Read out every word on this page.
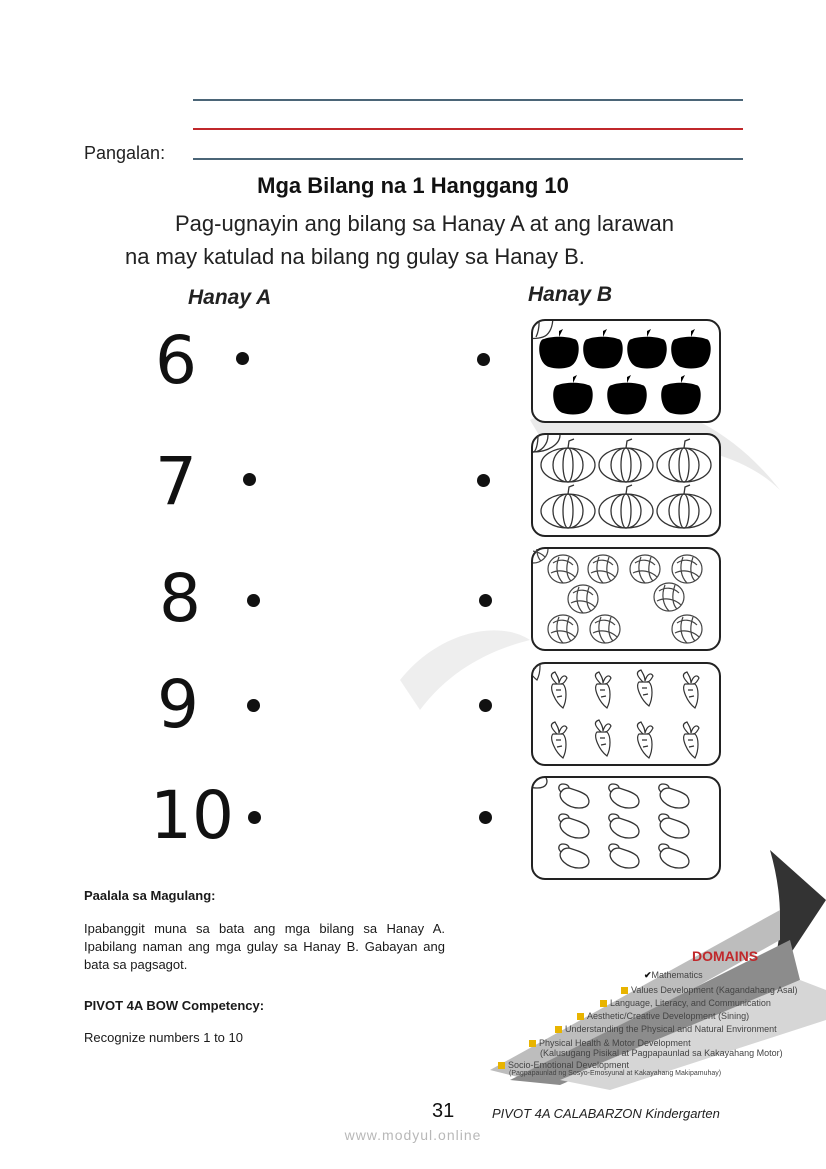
Pangalan:
Mga Bilang na 1 Hanggang 10
Pag-ugnayin ang bilang sa Hanay A at ang larawan
na may katulad na bilang ng gulay sa Hanay B.
Hanay A	Hanay B
6
7
8
9
10
Paalala sa Magulang:
Ipabanggit muna sa bata ang mga bilang sa Hanay A. Ipabilang naman ang mga gulay sa Hanay B. Gabayan ang bata sa pagsagot.
PIVOT 4A BOW Competency:
Recognize numbers 1 to 10
DOMAINS
✔Mathematics
Values Development (Kagandahang Asal)
Language, Literacy, and Communication
Aesthetic/Creative Development (Sining)
Understanding the Physical and Natural Environment
Physical Health & Motor Development
(Kalusugang Pisikal at Pagpapaunlad sa Kakayahang Motor)
Socio-Emotional Development
(Pagpapaunlad ng Sosyo-Emosyunal at Kakayahang Makipamuhay)
31	PIVOT 4A CALABARZON Kindergarten
www.modyul.online
